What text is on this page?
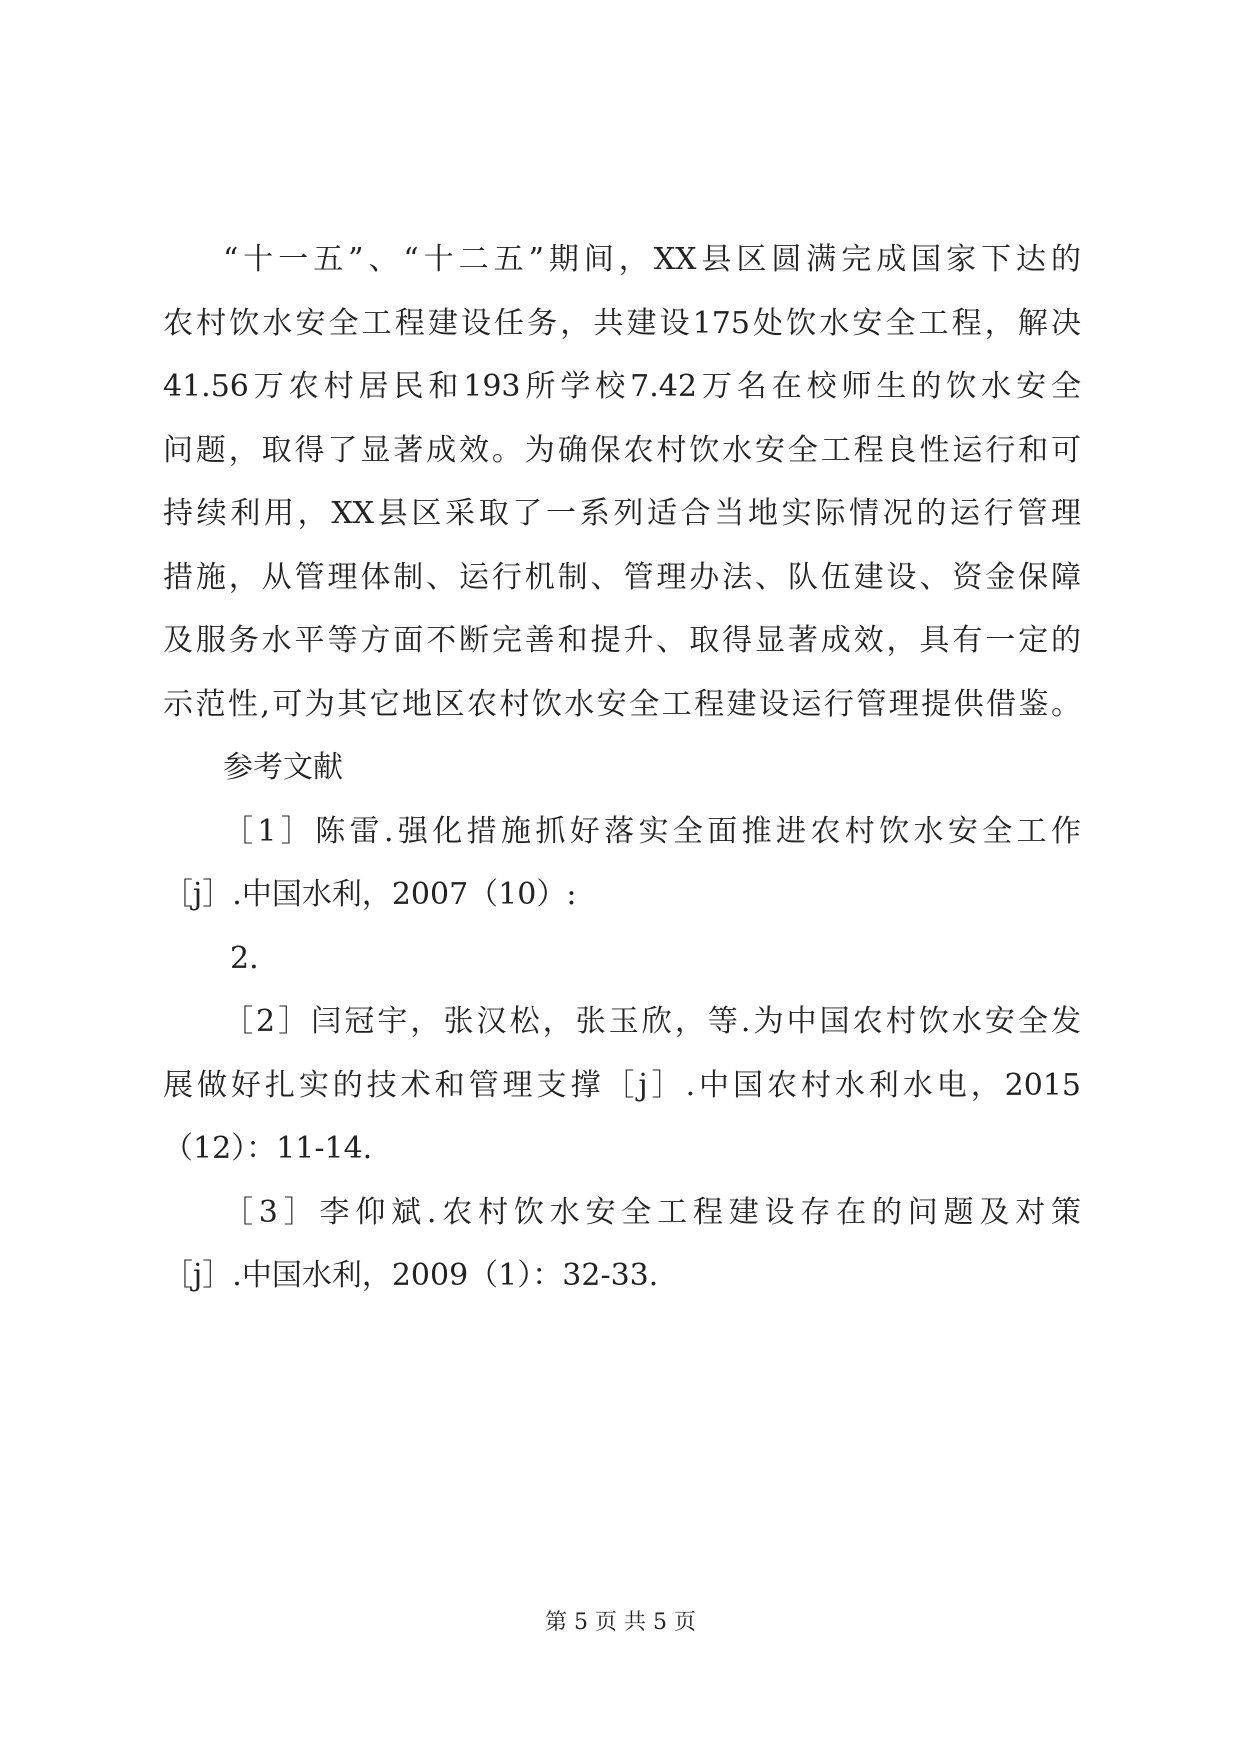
“十一五”、“十二五”期间，XX县区圆满完成国家下达的
农村饮水安全工程建设任务，共建设175处饮水安全工程，解决
41.56万农村居民和193所学校7.42万名在校师生的饮水安全
问题，取得了显著成效。为确保农村饮水安全工程良性运行和可
持续利用，XX县区采取了一系列适合当地实际情况的运行管理
措施，从管理体制、运行机制、管理办法、队伍建设、资金保障
及服务水平等方面不断完善和提升、取得显著成效，具有一定的
示范性,可为其它地区农村饮水安全工程建设运行管理提供借鉴。
参考文献
［1］陈雷.强化措施抓好落实全面推进农村饮水安全工作
［j］.中国水利，2007（10）:
2.
［2］闫冠宇，张汉松，张玉欣，等.为中国农村饮水安全发
展做好扎实的技术和管理支撑［j］.中国农村水利水电，2015
（12）：11-14.
［3］李仰斌.农村饮水安全工程建设存在的问题及对策
［j］.中国水利，2009（1）：32-33.
第 5 页 共 5 页
